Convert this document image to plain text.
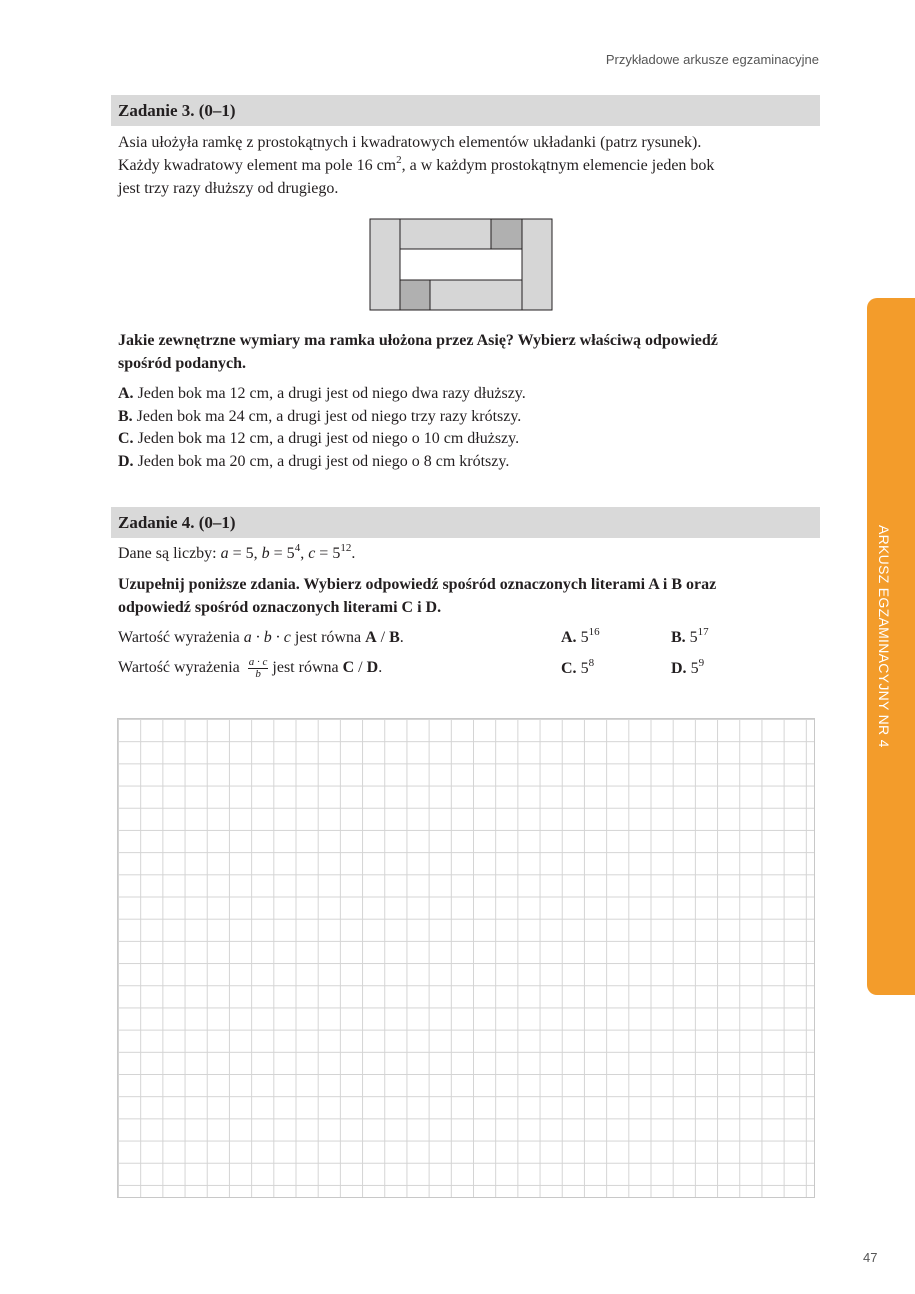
Przykładowe arkusze egzaminacyjne
Zadanie 3. (0–1)

Asia ułożyła ramkę z prostokątnych i kwadratowych elementów układanki (patrz rysunek).
Każdy kwadratowy element ma pole 16 $cm^2$, a w każdym prostokątnym elemencie jeden bok
jest trzy razy dłuższy od drugiego.

Jakie zewnętrzne wymiary ma ramka ułożona przez Asię? Wybierz właściwą odpowiedź
spośród podanych.

A. Jeden bok ma 12 cm, a drugi jest od niego dwa razy dłuższy.
B. Jeden bok ma 24 cm, a drugi jest od niego trzy razy krótszy.
C. Jeden bok ma 12 cm, a drugi jest od niego o 10 cm dłuższy.
D. Jeden bok ma 20 cm, a drugi jest od niego o 8 cm krótszy.
Zadanie 4. (0–1)

Dane są liczby: a = 5, $b = 5^4$, $c = 5^{12}$.

Uzupełnij poniższe zdania. Wybierz odpowiedź spośród oznaczonych literami A i B oraz
odpowiedź spośród oznaczonych literami C i D.

Wartość wyrażenia a · b · c jest równa A / B.
Wartość wyrażenia $\frac{a \cdot c}{b}$ jest równa C / D.
A. $5^{16}$	B. $5^{17}$
C. $5^8$	D. $5^9$	ARKUSZ EGZAMINACYJNY NR 4
47
